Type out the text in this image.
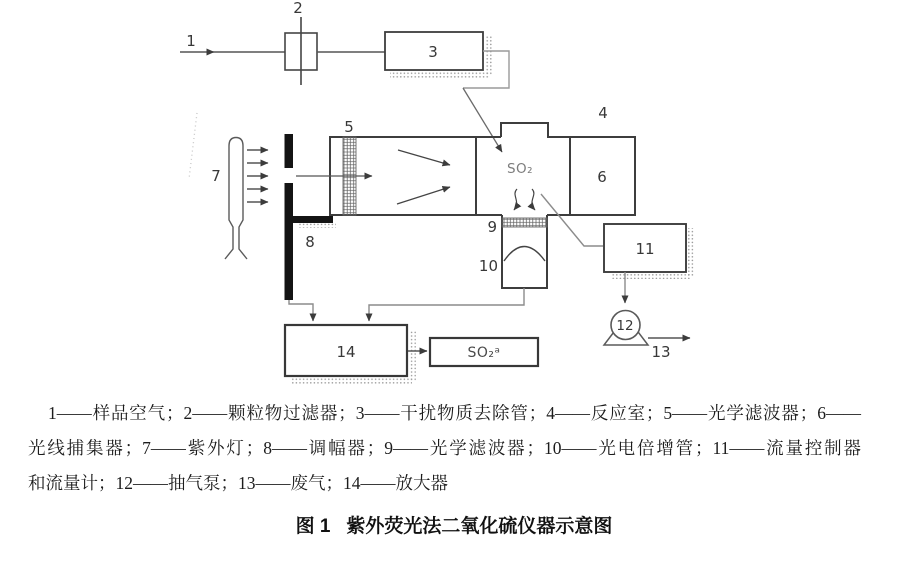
1
2
3
4
6
SO₂
5
7
8
9
10
11
12
13
14	SO₂ᵃ

1——样品空气；2——颗粒物过滤器；3——干扰物质去除管；4——反应室；5——光学滤波器；6——

光线捕集器；7——紫外灯；8——调幅器；9——光学滤波器；10——光电倍增管；11——流量控制器

和流量计；12——抽气泵；13——废气；14——放大器

图 1 紫外荧光法二氧化硫仪器示意图
